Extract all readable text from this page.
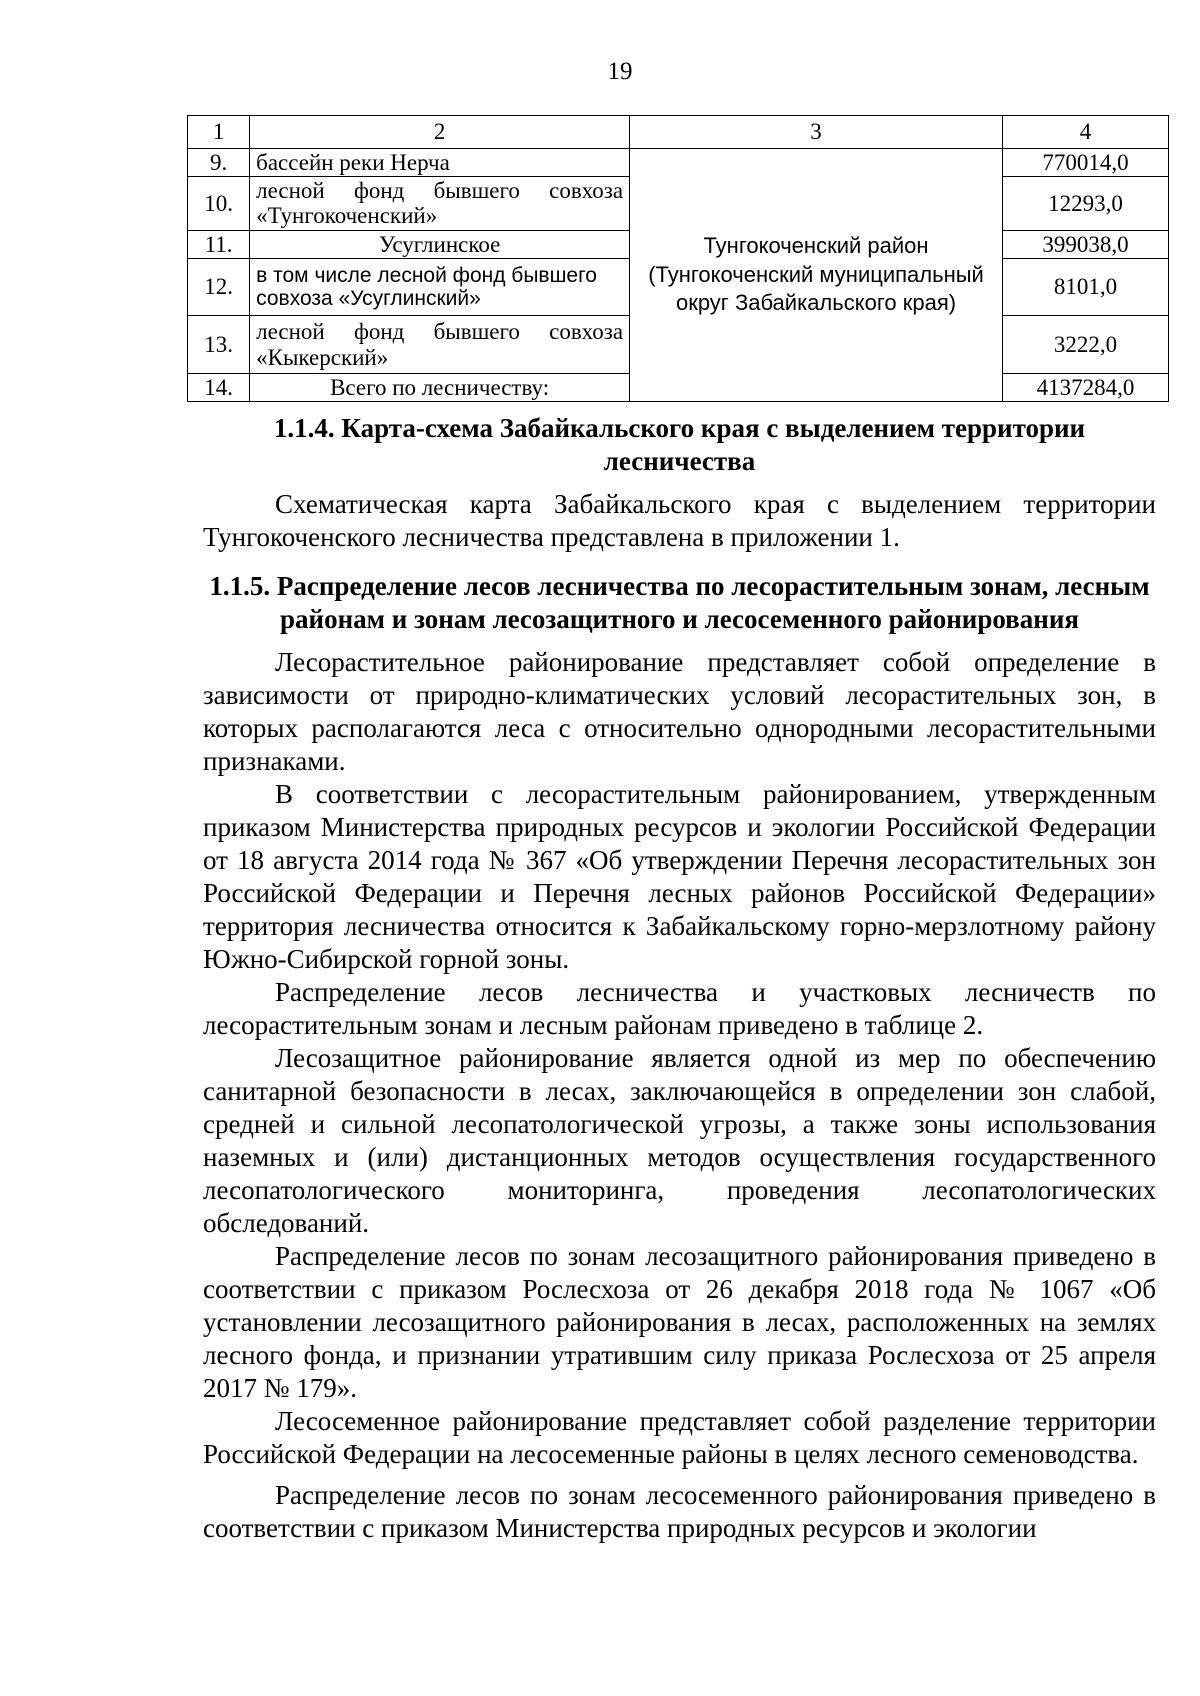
19
1	2	3	4
9.	бассейн реки Нерча	Тунгокоченский район (Тунгокоченский муниципальный округ Забайкальского края)	770014,0
10.	лесной фонд бывшего совхоза «Тунгокоченский»		12293,0
11.	Усуглинское		399038,0
12.	в том числе лесной фонд бывшего совхоза «Усуглинский»		8101,0
13.	лесной фонд бывшего совхоза «Кыкерский»		3222,0
14.	Всего по лесничеству:		4137284,0
1.1.4. Карта-схема Забайкальского края с выделением территории лесничества

Схематическая карта Забайкальского края с выделением территории Тунгокоченского лесничества представлена в приложении 1.

1.1.5. Распределение лесов лесничества по лесорастительным зонам, лесным районам и зонам лесозащитного и лесосеменного районирования

Лесорастительное районирование представляет собой определение в зависимости от природно-климатических условий лесорастительных зон, в которых располагаются леса с относительно однородными лесорастительными признаками.

В соответствии с лесорастительным районированием, утвержденным приказом Министерства природных ресурсов и экологии Российской Федерации от 18 августа 2014 года № 367 «Об утверждении Перечня лесорастительных зон Российской Федерации и Перечня лесных районов Российской Федерации» территория лесничества относится к Забайкальскому горно-мерзлотному району Южно-Сибирской горной зоны.

Распределение лесов лесничества и участковых лесничеств по лесорастительным зонам и лесным районам приведено в таблице 2.

Лесозащитное районирование является одной из мер по обеспечению санитарной безопасности в лесах, заключающейся в определении зон слабой, средней и сильной лесопатологической угрозы, а также зоны использования наземных и (или) дистанционных методов осуществления государственного лесопатологического мониторинга, проведения лесопатологических обследований.

Распределение лесов по зонам лесозащитного районирования приведено в соответствии с приказом Рослесхоза от 26 декабря 2018 года № 1067 «Об установлении лесозащитного районирования в лесах, расположенных на землях лесного фонда, и признании утратившим силу приказа Рослесхоза от 25 апреля 2017 № 179».

Лесосеменное районирование представляет собой разделение территории Российской Федерации на лесосеменные районы в целях лесного семеноводства.

Распределение лесов по зонам лесосеменного районирования приведено в соответствии с приказом Министерства природных ресурсов и экологии
